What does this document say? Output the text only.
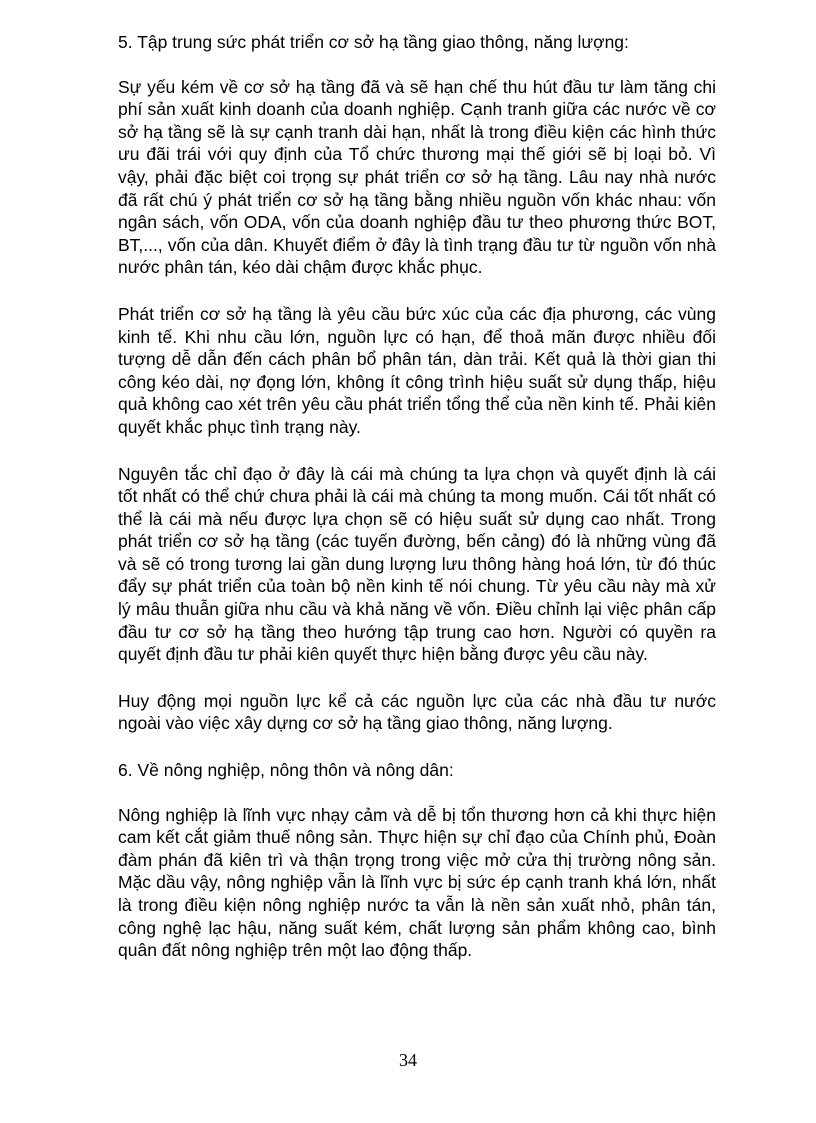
5. Tập trung sức phát triển cơ sở hạ tầng giao thông, năng lượng:

Sự yếu kém về cơ sở hạ tầng đã và sẽ hạn chế thu hút đầu tư làm tăng chi phí sản xuất kinh doanh của doanh nghiệp. Cạnh tranh giữa các nước về cơ sở hạ tầng sẽ là sự cạnh tranh dài hạn, nhất là trong điều kiện các hình thức ưu đãi trái với quy định của Tổ chức thương mại thế giới sẽ bị loại bỏ. Vì vậy, phải đặc biệt coi trọng sự phát triển cơ sở hạ tầng. Lâu nay nhà nước đã rất chú ý phát triển cơ sở hạ tầng bằng nhiều nguồn vốn khác nhau: vốn ngân sách, vốn ODA, vốn của doanh nghiệp đầu tư theo phương thức BOT, BT,..., vốn của dân. Khuyết điểm ở đây là tình trạng đầu tư từ nguồn vốn nhà nước phân tán, kéo dài chậm được khắc phục.

Phát triển cơ sở hạ tầng là yêu cầu bức xúc của các địa phương, các vùng kinh tế. Khi nhu cầu lớn, nguồn lực có hạn, để thoả mãn được nhiều đối tượng dễ dẫn đến cách phân bổ phân tán, dàn trải. Kết quả là thời gian thi công kéo dài, nợ đọng lớn, không ít công trình hiệu suất sử dụng thấp, hiệu quả không cao xét trên yêu cầu phát triển tổng thể của nền kinh tế. Phải kiên quyết khắc phục tình trạng này.

Nguyên tắc chỉ đạo ở đây là cái mà chúng ta lựa chọn và quyết định là cái tốt nhất có thể chứ chưa phải là cái mà chúng ta mong muốn. Cái tốt nhất có thể là cái mà nếu được lựa chọn sẽ có hiệu suất sử dụng cao nhất. Trong phát triển cơ sở hạ tầng (các tuyến đường, bến cảng) đó là những vùng đã và sẽ có trong tương lai gần dung lượng lưu thông hàng hoá lớn, từ đó thúc đẩy sự phát triển của toàn bộ nền kinh tế nói chung. Từ yêu cầu này mà xử lý mâu thuẫn giữa nhu cầu và khả năng về vốn. Điều chỉnh lại việc phân cấp đầu tư cơ sở hạ tầng theo hướng tập trung cao hơn. Người có quyền ra quyết định đầu tư phải kiên quyết thực hiện bằng được yêu cầu này.

Huy động mọi nguồn lực kể cả các nguồn lực của các nhà đầu tư nước ngoài vào việc xây dựng cơ sở hạ tầng giao thông, năng lượng.

6. Về nông nghiệp, nông thôn và nông dân:

Nông nghiệp là lĩnh vực nhạy cảm và dễ bị tổn thương hơn cả khi thực hiện cam kết cắt giảm thuế nông sản. Thực hiện sự chỉ đạo của Chính phủ, Đoàn đàm phán đã kiên trì và thận trọng trong việc mở cửa thị trường nông sản. Mặc dầu vậy, nông nghiệp vẫn là lĩnh vực bị sức ép cạnh tranh khá lớn, nhất là trong điều kiện nông nghiệp nước ta vẫn là nền sản xuất nhỏ, phân tán, công nghệ lạc hậu, năng suất kém, chất lượng sản phẩm không cao, bình quân đất nông nghiệp trên một lao động thấp.

34
